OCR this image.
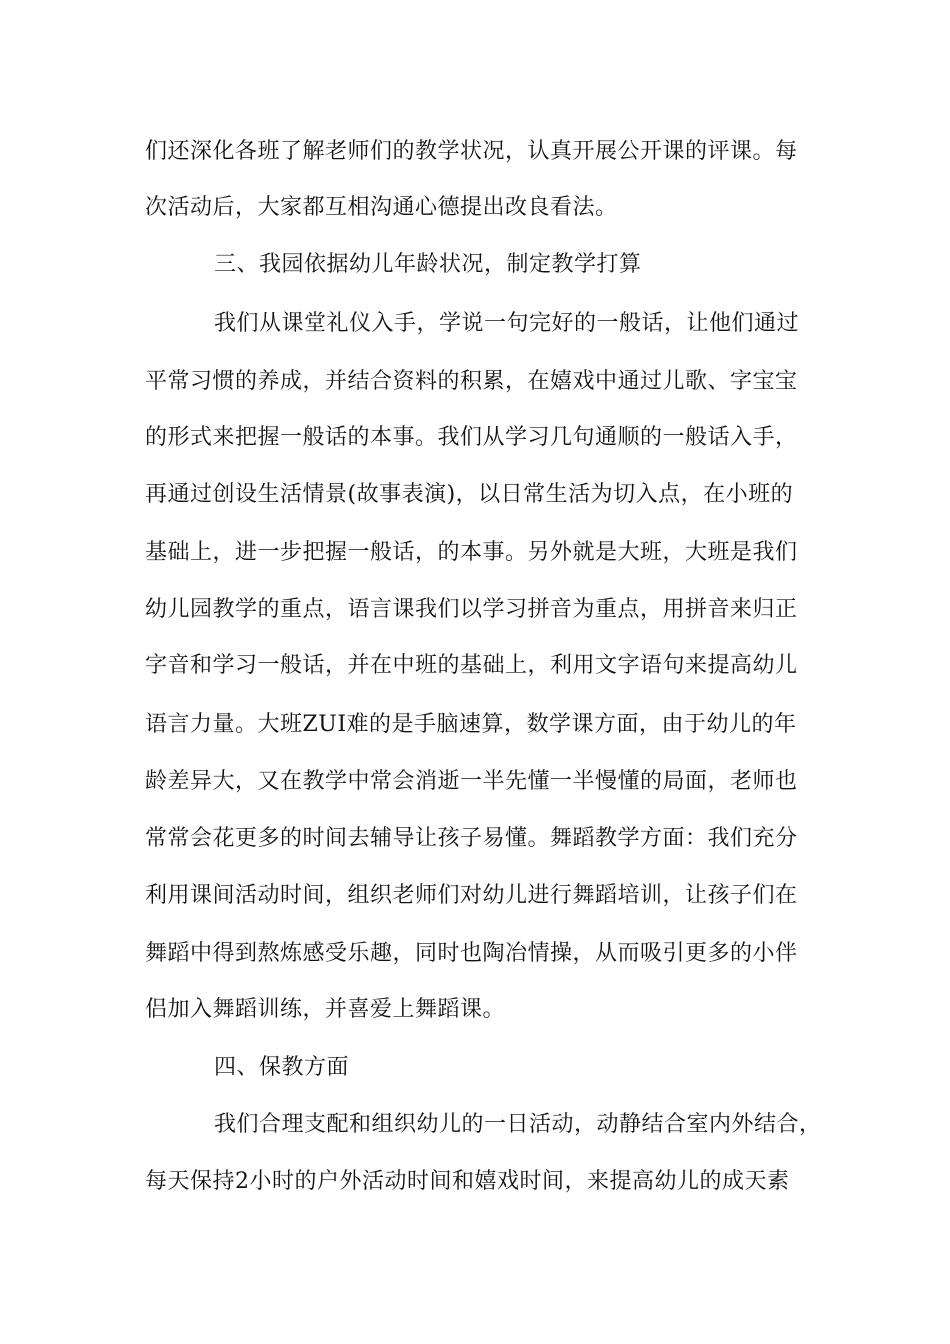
们还深化各班了解老师们的教学状况，认真开展公开课的评课。每
次活动后，大家都互相沟通心德提出改良看法。
三、我园依据幼儿年龄状况，制定教学打算
我们从课堂礼仪入手，学说一句完好的一般话，让他们通过
平常习惯的养成，并结合资料的积累，在嬉戏中通过儿歌、字宝宝
的形式来把握一般话的本事。我们从学习几句通顺的一般话入手，
再通过创设生活情景(故事表演)，以日常生活为切入点，在小班的
基础上，进一步把握一般话，的本事。另外就是大班，大班是我们
幼儿园教学的重点，语言课我们以学习拼音为重点，用拼音来归正
字音和学习一般话，并在中班的基础上，利用文字语句来提高幼儿
语言力量。大班ZUI难的是手脑速算，数学课方面，由于幼儿的年
龄差异大，又在教学中常会消逝一半先懂一半慢懂的局面，老师也
常常会花更多的时间去辅导让孩子易懂。舞蹈教学方面：我们充分
利用课间活动时间，组织老师们对幼儿进行舞蹈培训，让孩子们在
舞蹈中得到熬炼感受乐趣，同时也陶冶情操，从而吸引更多的小伴
侣加入舞蹈训练，并喜爱上舞蹈课。
四、保教方面
我们合理支配和组织幼儿的一日活动，动静结合室内外结合，
每天保持2小时的户外活动时间和嬉戏时间，来提高幼儿的成天素
